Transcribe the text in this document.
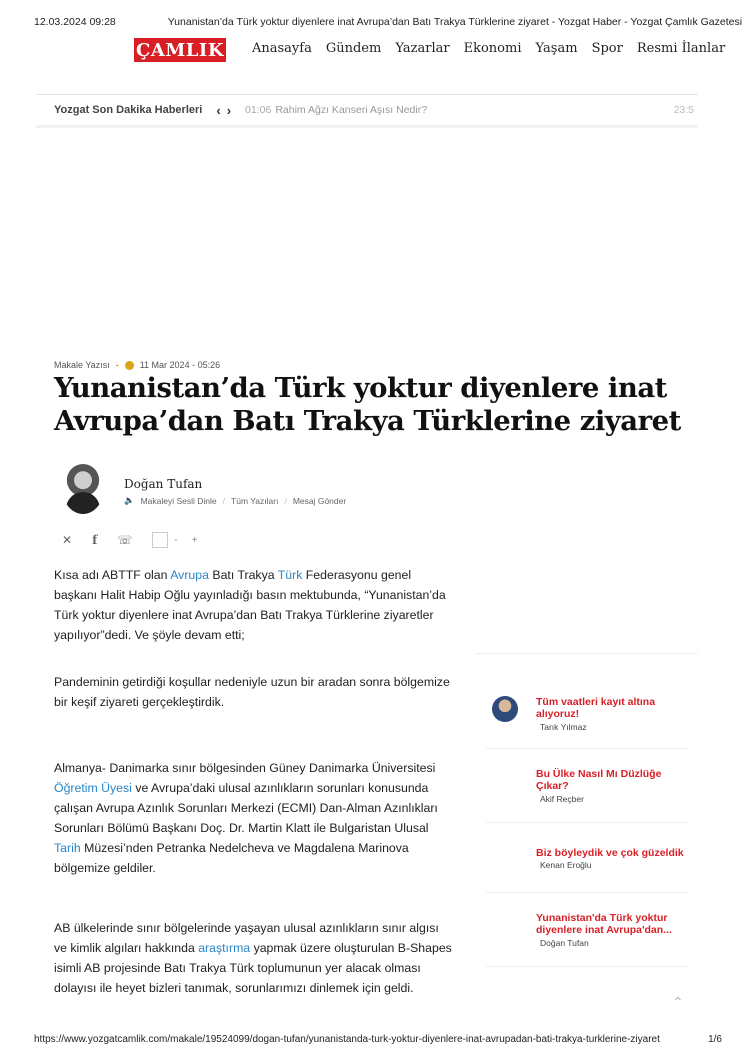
12.03.2024 09:28	Yunanistan’da Türk yoktur diyenlere inat Avrupa’dan Batı Trakya Türklerine ziyaret - Yozgat Haber - Yozgat Çamlık Gazetesi
ÇAMLIK Anasayfa Gündem Yazarlar Ekonomi Yaşam Spor Resmi İlanlar
Yozgat Son Dakika Haberleri ‹ › 01:06 Rahim Ağzı Kanseri Aşısı Nedir?	23:5
Makale Yazısı - 11 Mar 2024 - 05:26
Yunanistan’da Türk yoktur diyenlere inat Avrupa’dan Batı Trakya Türklerine ziyaret
Doğan Tufan
🔈 Makaleyi Sesli Dinle / Tüm Yazıları / Mesaj Gönder
✕ f ☏	- +

Kısa adı ABTTF olan Avrupa Batı Trakya Türk Federasyonu genel başkanı Halit Habip Oğlu yayınladığı basın mektubunda, “Yunanistan’da Türk yoktur diyenlere inat Avrupa’dan Batı Trakya Türklerine ziyaretler yapılıyor”dedi. Ve şöyle devam etti;

Pandeminin getirdiği koşullar nedeniyle uzun bir aradan sonra bölgemize bir keşif ziyareti gerçekleştirdik.

Almanya- Danimarka sınır bölgesinden Güney Danimarka Üniversitesi Öğretim Üyesi ve Avrupa’daki ulusal azınlıkların sorunları konusunda çalışan Avrupa Azınlık Sorunları Merkezi (ECMI) Dan-Alman Azınlıkları Sorunları Bölümü Başkanı Doç. Dr. Martin Klatt ile Bulgaristan Ulusal Tarih Müzesi’nden Petranka Nedelcheva ve Magdalena Marinova bölgemize geldiler.

AB ülkelerinde sınır bölgelerinde yaşayan ulusal azınlıkların sınır algısı ve kimlik algıları hakkında araştırma yapmak üzere oluşturulan B-Shapes isimli AB projesinde Batı Trakya Türk toplumunun yer alacak olması dolayısı ile heyet bizleri tanımak, sorunlarımızı dinlemek için geldi.

Tüm vaatleri kayıt altına alıyoruz!
Tarık Yılmaz
Bu Ülke Nasıl Mı Düzlüğe Çıkar?
Akif Reçber
Biz böyleydik ve çok güzeldik
Kenan Eroğlu
Yunanistan'da Türk yoktur diyenlere inat Avrupa'dan...
Doğan Tufan
⌃
https://www.yozgatcamlik.com/makale/19524099/dogan-tufan/yunanistanda-turk-yoktur-diyenlere-inat-avrupadan-bati-trakya-turklerine-ziyaret	1/6
